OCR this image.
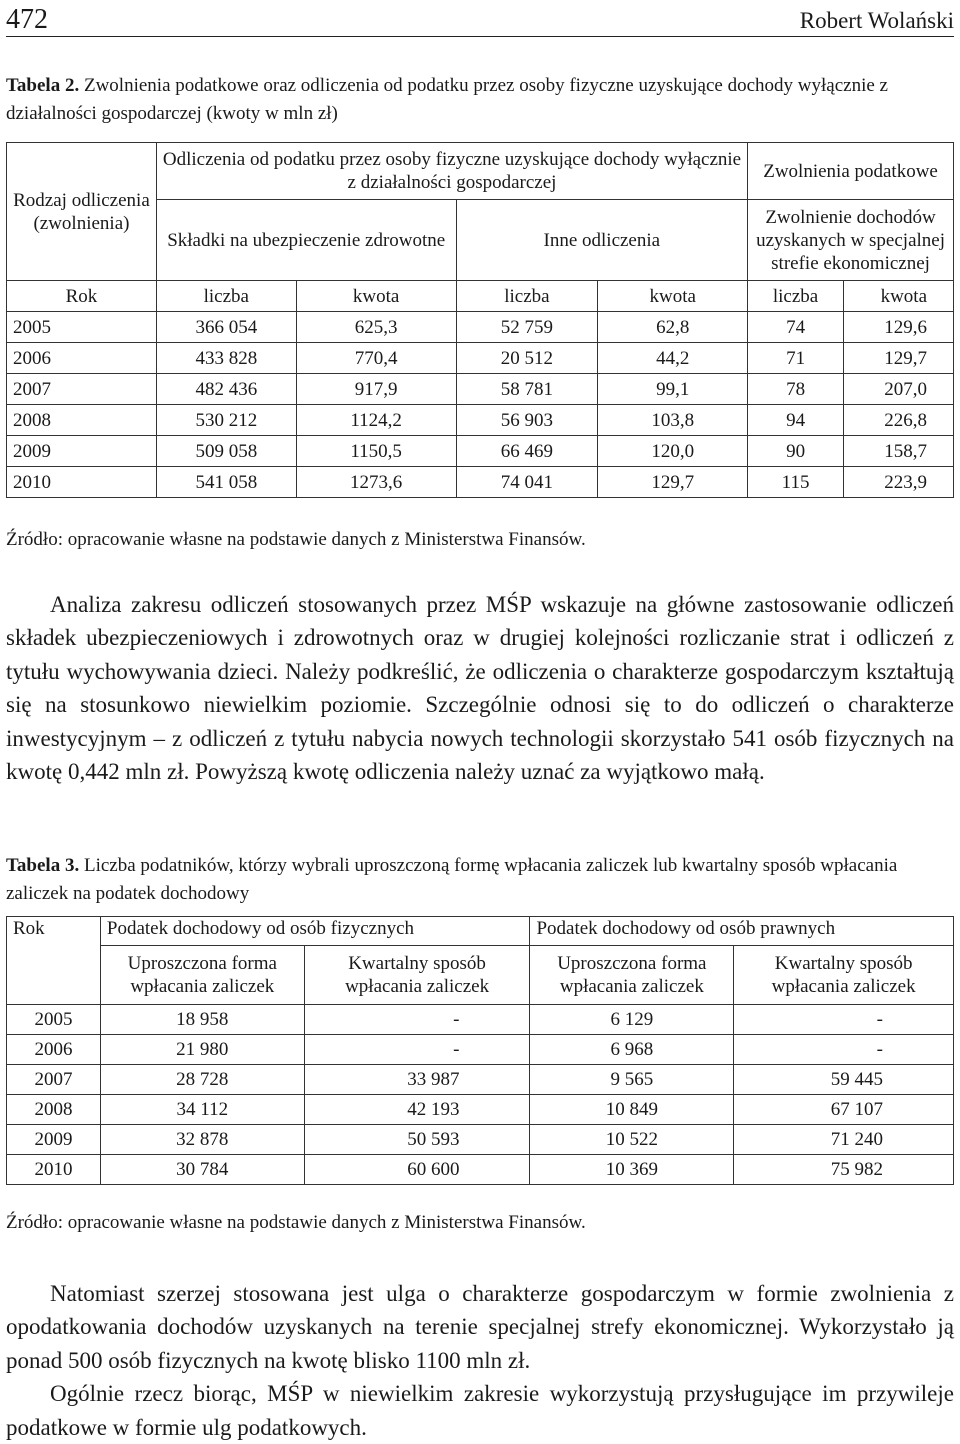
472	Robert Wolański
Tabela 2. Zwolnienia podatkowe oraz odliczenia od podatku przez osoby fizyczne uzyskujące dochody wyłącznie z działalności gospodarczej (kwoty w mln zł)
Rodzaj odliczenia (zwolnienia)	Odliczenia od podatku przez osoby fizyczne uzyskujące dochody wyłącznie z działalności gospodarczej				Zwolnienia podatkowe	
	Składki na ubezpieczenie zdrowotne		Inne odliczenia		Zwolnienie dochodów uzyskanych w specjalnej strefie ekonomicznej	
Rok	liczba	kwota	liczba	kwota	liczba	kwota
2005	366 054	625,3	52 759	62,8	74	129,6
2006	433 828	770,4	20 512	44,2	71	129,7
2007	482 436	917,9	58 781	99,1	78	207,0
2008	530 212	1124,2	56 903	103,8	94	226,8
2009	509 058	1150,5	66 469	120,0	90	158,7
2010	541 058	1273,6	74 041	129,7	115	223,9
Źródło: opracowanie własne na podstawie danych z Ministerstwa Finansów.

Analiza zakresu odliczeń stosowanych przez MŚP wskazuje na główne zastosowanie odliczeń składek ubezpieczeniowych i zdrowotnych oraz w drugiej kolejności rozliczanie strat i odliczeń z tytułu wychowywania dzieci. Należy podkreślić, że odliczenia o charakterze gospodarczym kształtują się na stosunkowo niewielkim poziomie. Szczególnie odnosi się to do odliczeń o charakterze inwestycyjnym – z odliczeń z tytułu nabycia nowych technologii skorzystało 541 osób fizycznych na kwotę 0,442 mln zł. Powyższą kwotę odliczenia należy uznać za wyjątkowo małą.

Tabela 3. Liczba podatników, którzy wybrali uproszczoną formę wpłacania zaliczek lub kwartalny sposób wpłacania zaliczek na podatek dochodowy
Rok	Podatek dochodowy od osób fizycznych		Podatek dochodowy od osób prawnych	
	Uproszczona forma wpłacania zaliczek	Kwartalny sposób wpłacania zaliczek	Uproszczona forma wpłacania zaliczek	Kwartalny sposób wpłacania zaliczek
2005	18 958	-	6 129	-
2006	21 980	-	6 968	-
2007	28 728	33 987	9 565	59 445
2008	34 112	42 193	10 849	67 107
2009	32 878	50 593	10 522	71 240
2010	30 784	60 600	10 369	75 982
Źródło: opracowanie własne na podstawie danych z Ministerstwa Finansów.

Natomiast szerzej stosowana jest ulga o charakterze gospodarczym w formie zwolnienia z opodatkowania dochodów uzyskanych na terenie specjalnej strefy ekonomicznej. Wykorzystało ją ponad 500 osób fizycznych na kwotę blisko 1100 mln zł.

Ogólnie rzecz biorąc, MŚP w niewielkim zakresie wykorzystują przysługujące im przywileje podatkowe w formie ulg podatkowych.
